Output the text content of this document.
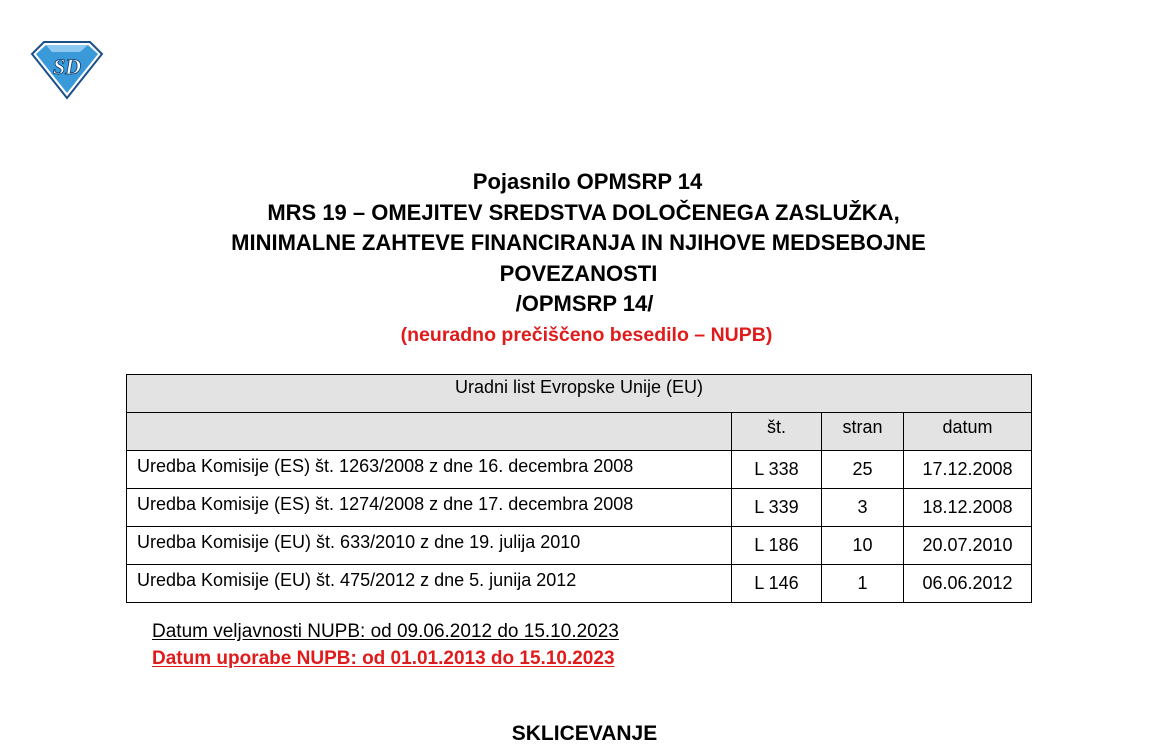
SD
Pojasnilo OPMSRP 14
MRS 19 – OMEJITEV SREDSTVA DOLOČENEGA ZASLUŽKA,
MINIMALNE ZAHTEVE FINANCIRANJA IN NJIHOVE MEDSEBOJNE
POVEZANOSTI
/OPMSRP 14/
(neuradno prečiščeno besedilo – NUPB)
Uradni list Evropske Unije (EU)			
	št.	stran	datum
Uredba Komisije (ES) št. 1263/2008 z dne 16. decembra 2008	L 338	25	17.12.2008
Uredba Komisije (ES) št. 1274/2008 z dne 17. decembra 2008	L 339	3	18.12.2008
Uredba Komisije (EU) št. 633/2010 z dne 19. julija 2010	L 186	10	20.07.2010
Uredba Komisije (EU) št. 475/2012 z dne 5. junija 2012	L 146	1	06.06.2012
Datum veljavnosti NUPB: od 09.06.2012 do 15.10.2023
Datum uporabe NUPB: od 01.01.2013 do 15.10.2023
SKLICEVANJE
